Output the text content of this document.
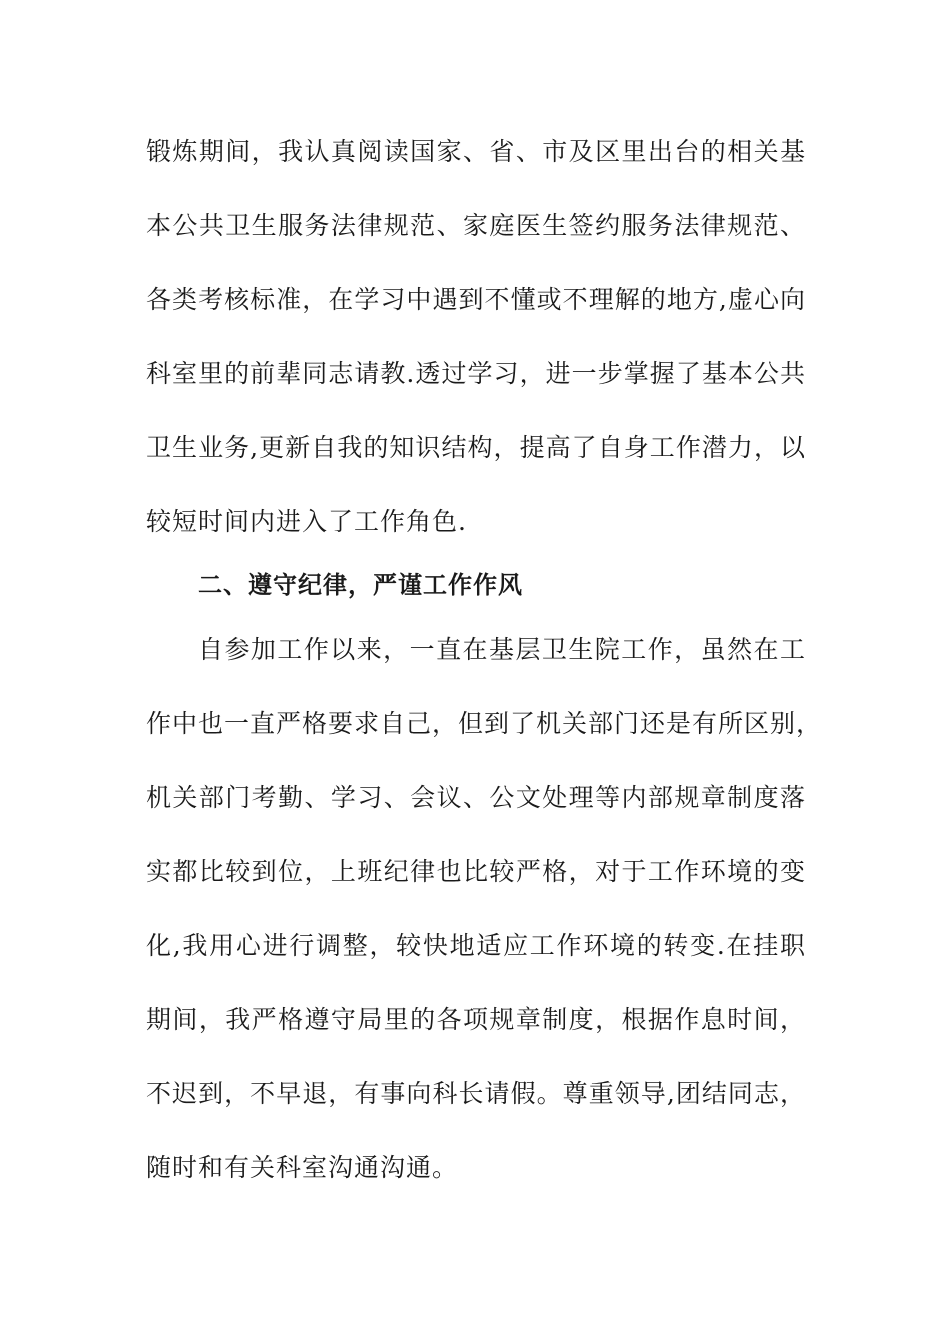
锻炼期间，我认真阅读国家、省、市及区里出台的相关基
本公共卫生服务法律规范、家庭医生签约服务法律规范、
各类考核标准，在学习中遇到不懂或不理解的地方,虚心向
科室里的前辈同志请教.透过学习，进一步掌握了基本公共
卫生业务,更新自我的知识结构，提高了自身工作潜力，以
较短时间内进入了工作角色.
二、遵守纪律，严谨工作作风
自参加工作以来，一直在基层卫生院工作，虽然在工
作中也一直严格要求自己，但到了机关部门还是有所区别，
机关部门考勤、学习、会议、公文处理等内部规章制度落
实都比较到位，上班纪律也比较严格，对于工作环境的变
化,我用心进行调整，较快地适应工作环境的转变.在挂职
期间，我严格遵守局里的各项规章制度，根据作息时间，
不迟到，不早退，有事向科长请假。尊重领导,团结同志，
随时和有关科室沟通沟通。
